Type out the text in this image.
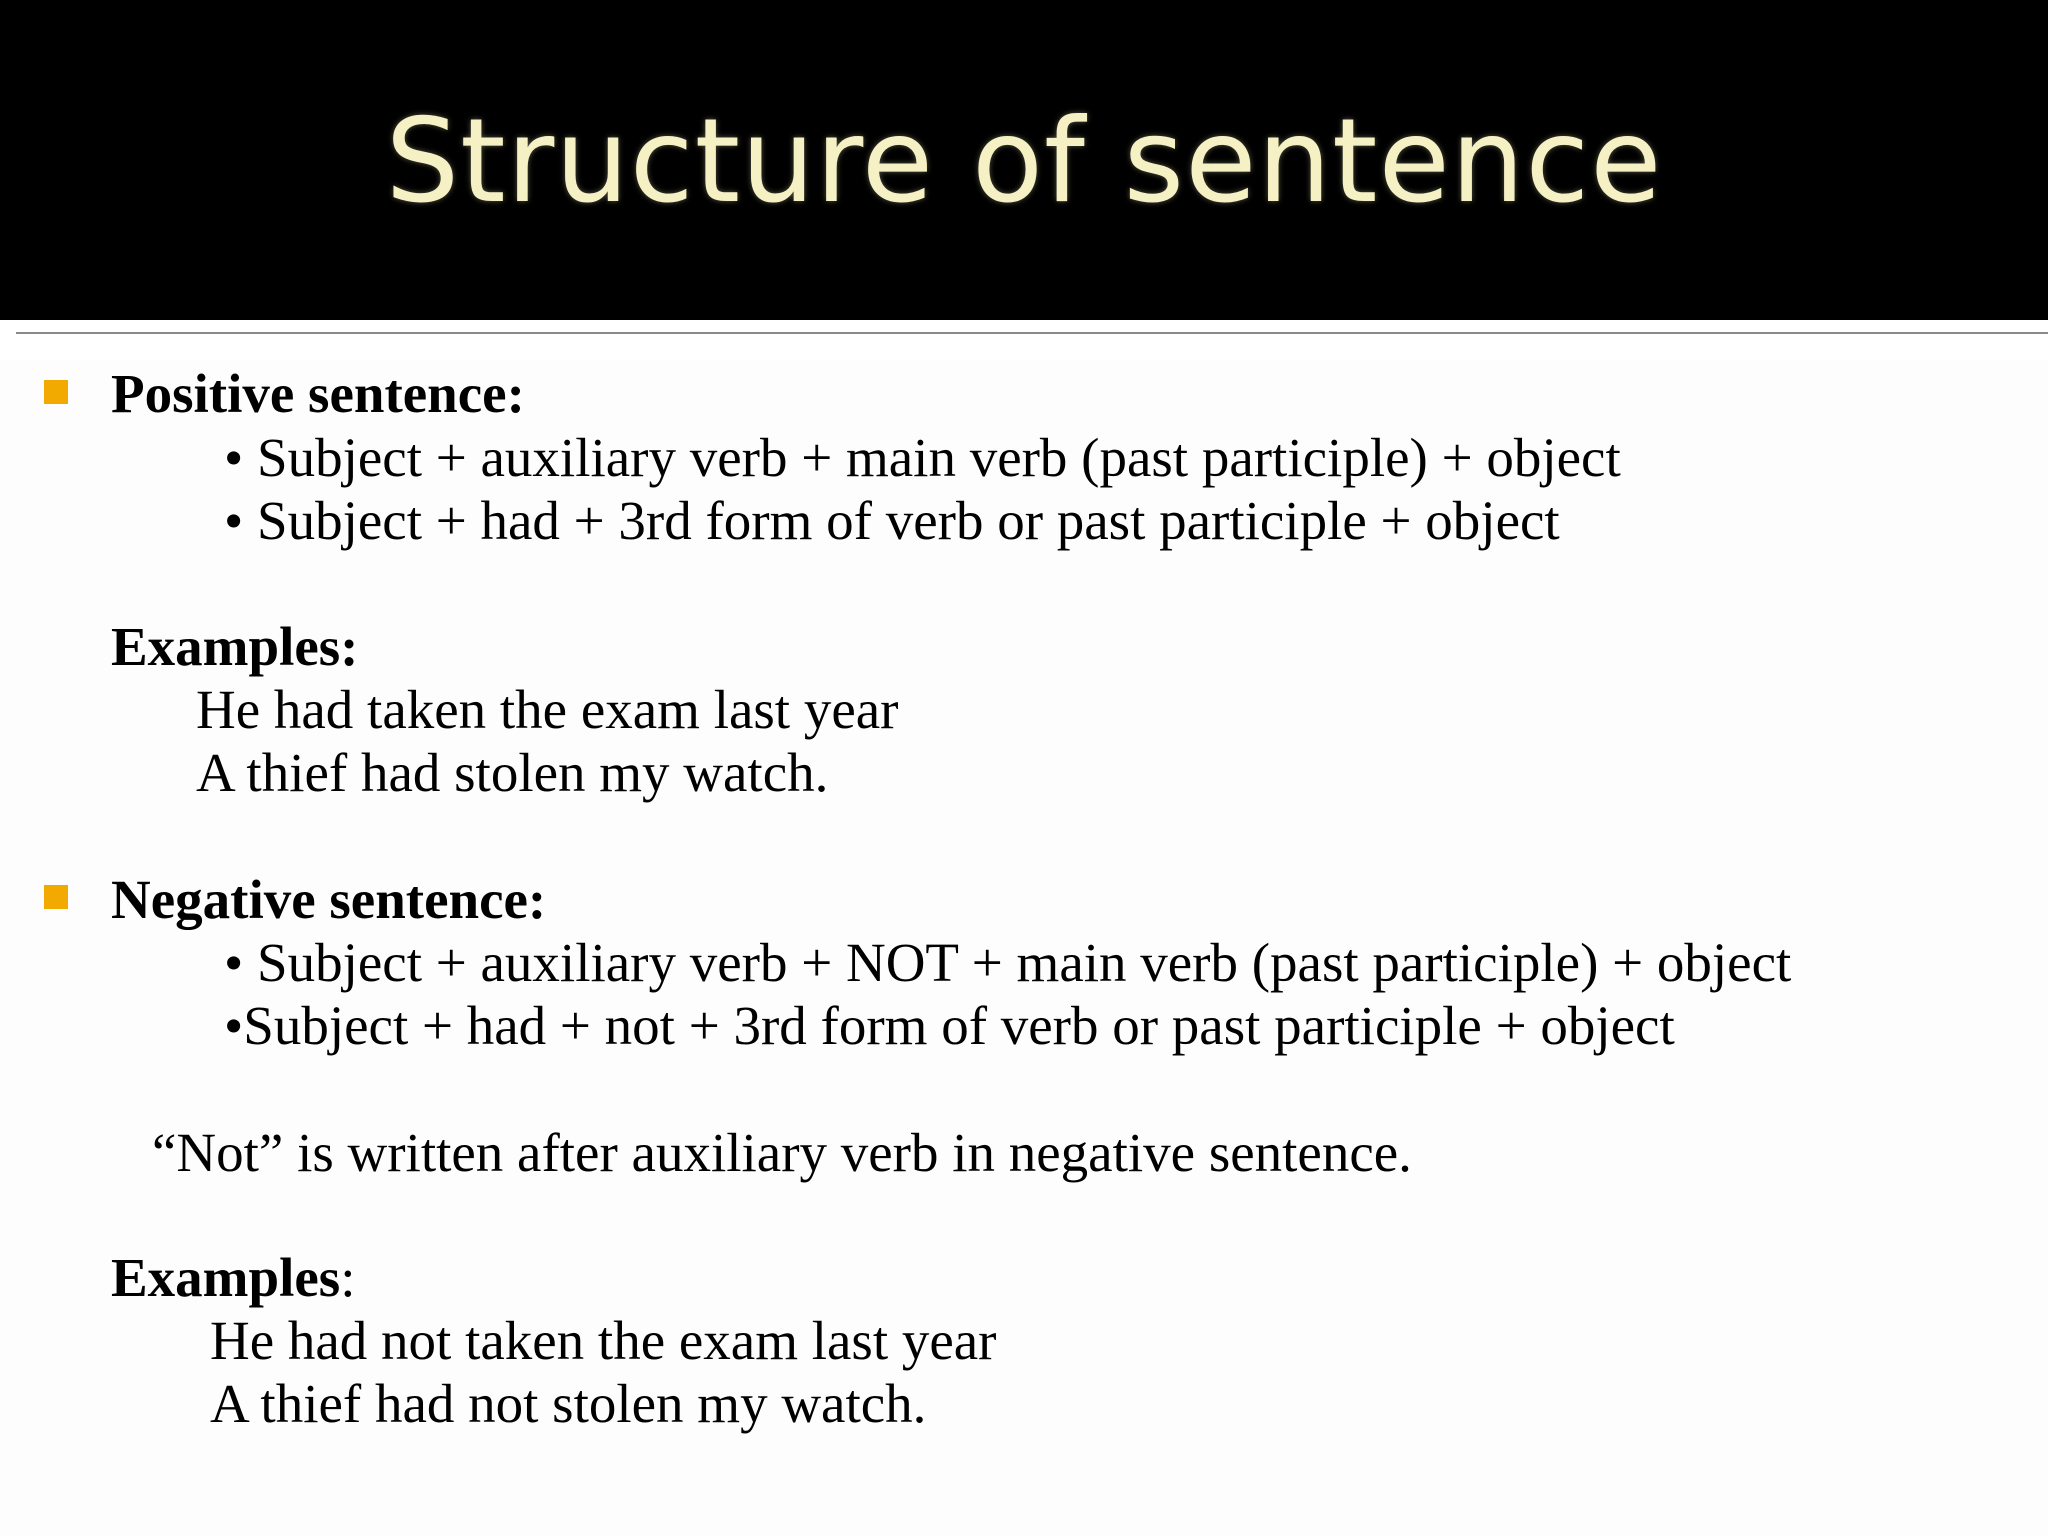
Structure of sentence
Positive sentence:
• Subject + auxiliary verb + main verb (past participle) + object
• Subject + had + 3rd form of verb or past participle + object
Examples:
He had taken the exam last year
A thief had stolen my watch.
Negative sentence:
• Subject + auxiliary verb + NOT + main verb (past participle) + object
•Subject + had + not + 3rd form of verb or past participle + object
“Not” is written after auxiliary verb in negative sentence.
Examples:
He had not taken the exam last year
A thief had not stolen my watch.
